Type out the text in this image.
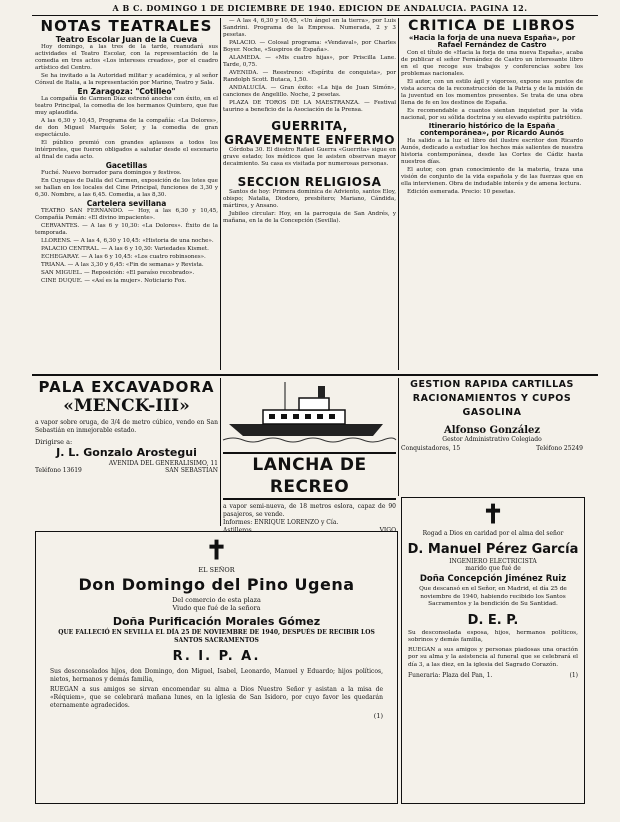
A B C. DOMINGO 1 DE DICIEMBRE DE 1940. EDICION DE ANDALUCIA. PAGINA 12.
NOTAS TEATRALES
Teatro Escolar Juan de la Cueva

Hoy domingo, a las tres de la tarde, reanudará sus actividades el Teatro Escolar, con la representación de la comedia en tres actos «Los intereses creados», por el cuadro artístico del Centro.

Se ha invitado a la Autoridad militar y académica, y al señor Cónsul de Italia, a la representación por Marino, Teatro y Sala.

En Zaragoza: "Cotilleo"

La compañía de Carmen Díaz estrenó anoche con éxito, en el teatro Principal, la comedia de los hermanos Quintero, que fue muy aplaudida.

A las 6,30 y 10,45, Programa de la compañía: «La Dolores», de don Miguel Marqués Soler, y la comedia de gran espectáculo.

El público premió con grandes aplausos a todos los intérpretes, que fueron obligados a saludar desde el escenario al final de cada acto.

Gacetillas

Fuché. Nuevo borrador para domingos y festivos.

En Cuyugas de Dalila del Carmen, exposición de los lotes que se hallan en los locales del Cine Principal, funciones de 3,30 y 6,30. Nombre, a las 6,45. Comedia, a las 8,30.

Cartelera sevillana

TEATRO SAN FERNANDO. — Hoy, a las 6,30 y 10,45, Compañía Pemán: «El divino impaciente».

CERVANTES. — A las 6 y 10,30: «La Dolores». Éxito de la temporada.

LLORENS. — A las 4, 6,30 y 10,45: «Historia de una noche».

PALACIO CENTRAL. — A las 6 y 10,30: Variedades Kismet.

ECHEGARAY. — A las 6 y 10,45: «Los cuatro robinsones».

TRIANA. — A las 3,30 y 6,45: «Fin de semana» y Revista.

SAN MIGUEL. — Reposición: «El paraíso recobrado».

CINE DUQUE. — «Así es la mujer». Noticiario Fox.

— A las 4, 6,30 y 10,45, «Un ángel en la tierra», por Luis Sandrini. Programa de la Empresa. Numerada, 2 y 3 pesetas.

PALACIO. — Colosal programa: «Vendaval», por Charles Boyer. Noche, «Suspiros de España».

ALAMEDA. — «Mis cuatro hijas», por Priscilla Lane. Tarde, 0,75.

AVENIDA. — Reestreno: «Espíritu de conquista», por Randolph Scott. Butaca, 1,50.

ANDALUCÍA. — Gran éxito: «La hija de Juan Simón», canciones de Angelillo. Noche, 2 pesetas.

PLAZA DE TOROS DE LA MAESTRANZA. — Festival taurino a beneficio de la Asociación de la Prensa.

GUERRITA, GRAVEMENTE ENFERMO

Córdoba 30. El diestro Rafael Guerra «Guerrita» sigue en grave estado; los médicos que le asisten observan mayor decaimiento. Su casa es visitada por numerosas personas.

SECCION RELIGIOSA

Santos de hoy: Primera dominica de Adviento, santos Eloy, obispo; Natalia, Diodoro, presbítero; Mariano, Cándida, mártires, y Ansano.

Jubileo circular: Hoy, en la parroquia de San Andrés, y mañana, en la de la Concepción (Sevilla).

CRITICA DE LIBROS
«Hacia la forja de una nueva España», por Rafael Fernández de Castro

Con el título de «Hacia la forja de una nueva España», acaba de publicar el señor Fernández de Castro un interesante libro en el que recoge sus trabajos y conferencias sobre los problemas nacionales.

El autor, con un estilo ágil y vigoroso, expone sus puntos de vista acerca de la reconstrucción de la Patria y de la misión de la juventud en los momentos presentes. Se trata de una obra llena de fe en los destinos de España.

Es recomendable a cuantos sientan inquietud por la vida nacional, por su sólida doctrina y su elevado espíritu patriótico.

Itinerario histórico de la España contemporánea», por Ricardo Aunós

Ha salido a la luz el libro del ilustre escritor don Ricardo Aunós, dedicado a estudiar los hechos más salientes de nuestra historia contemporánea, desde las Cortes de Cádiz hasta nuestros días.

El autor, con gran conocimiento de la materia, traza una visión de conjunto de la vida española y de las fuerzas que en ella intervienen. Obra de indudable interés y de amena lectura.

Edición esmerada. Precio: 10 pesetas.

PALA EXCAVADORA
«MENCK-III»
a vapor sobre oruga, de 3/4 de metro cúbico, vendo en San Sebastián en inmejorable estado.
Dirigirse a:
J. L. Gonzalo Arostegui
AVENIDA DEL GENERALISIMO, 11
Teléfono 13619	SAN SEBASTIAN	LANCHA DE RECREO
a vapor semi-nueva, de 18 metros eslora, capaz de 90 pasajeros, se vende.
Informes: ENRIQUE LORENZO y Cía.
Astilleros	VIGO
GESTION RAPIDA CARTILLAS RACIONAMIENTOS Y CUPOS GASOLINA
Alfonso González
Gestor Administrativo Colegiado
Conquistadores, 15	Teléfono 25249
✝
Rogad a Dios en caridad por el alma del señor
D. Manuel Pérez García
INGENIERO ELECTRICISTA
marido que fué de
Doña Concepción Jiménez Ruiz
Que descansó en el Señor, en Madrid, el día 25 de noviembre de 1940, habiendo recibido los Santos Sacramentos y la bendición de Su Santidad.
D. E. P.
Su desconsolada esposa, hijos, hermanos políticos, sobrinos y demás familia,
RUEGAN a sus amigos y personas piadosas una oración por su alma y la asistencia al funeral que se celebrará el día 3, a las diez, en la iglesia del Sagrado Corazón.
Funeraria: Plaza del Pan, 1.	(1)
✝
EL SEÑOR
Don Domingo del Pino Ugena
Del comercio de esta plaza
Viudo que fué de la señora
Doña Purificación Morales Gómez
QUE FALLECIÓ EN SEVILLA EL DÍA 25 DE NOVIEMBRE DE 1940, DESPUÉS DE RECIBIR LOS SANTOS SACRAMENTOS
R. I. P. A.
Sus desconsolados hijos, don Domingo, don Miguel, Isabel, Leonardo, Manuel y Eduardo; hijos políticos, nietos, hermanos y demás familia,
RUEGAN a sus amigos se sirvan encomendar su alma a Dios Nuestro Señor y asistan a la misa de «Réquiem», que se celebrará mañana lunes, en la iglesia de San Isidoro, por cuyo favor les quedarán eternamente agradecidos.
(1)
